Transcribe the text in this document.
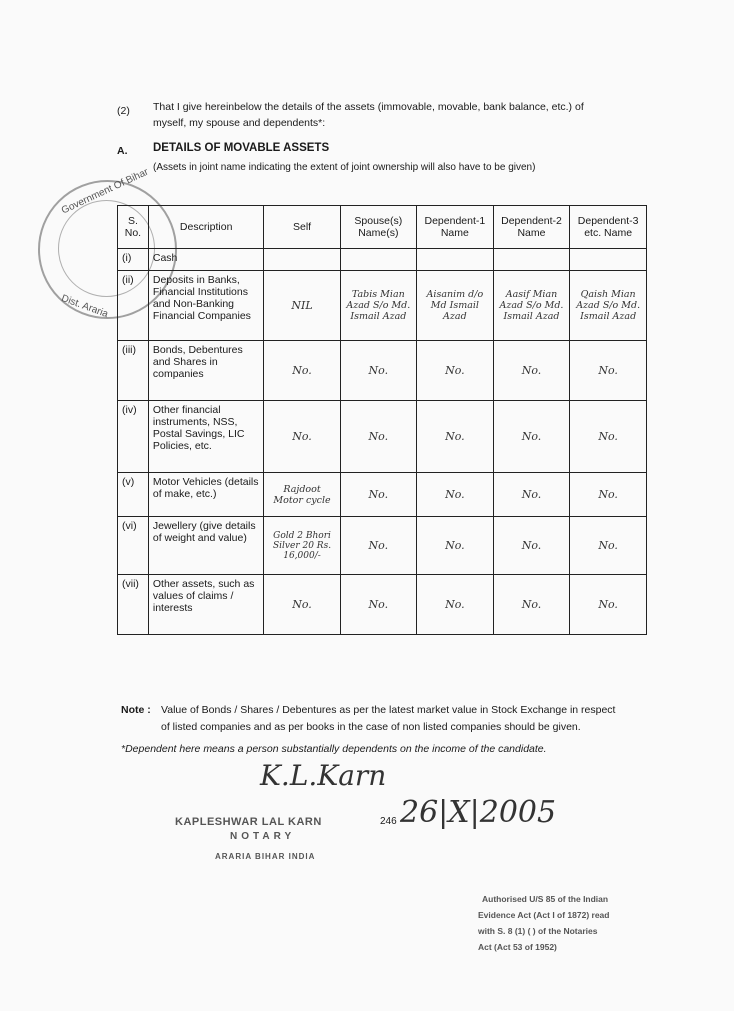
(2) That I give hereinbelow the details of the assets (immovable, movable, bank balance, etc.) of
myself, my spouse and dependents*:
A. DETAILS OF MOVABLE ASSETS
(Assets in joint name indicating the extent of joint ownership will also have to be given)
Government Of Bihar
Dist. Araria
S. No.	Description	Self	Spouse(s) Name(s)	Dependent-1 Name	Dependent-2 Name	Dependent-3 etc. Name
(i)	Cash					
(ii)	Deposits in Banks, Financial Institutions and Non-Banking Financial Companies	NIL	Tabis Mian Azad S/o Md. Ismail Azad	Aisanim d/o Md Ismail Azad	Aasif Mian Azad S/o Md. Ismail Azad	Qaish Mian Azad S/o Md. Ismail Azad
(iii)	Bonds, Debentures and Shares in companies	No.	No.	No.	No.	No.
(iv)	Other financial instruments, NSS, Postal Savings, LIC Policies, etc.	No.	No.	No.	No.	No.
(v)	Motor Vehicles (details of make, etc.)	Rajdoot Motor cycle	No.	No.	No.	No.
(vi)	Jewellery (give details of weight and value)	Gold 2 Bhori Silver 20 Rs. 16,000/-	No.	No.	No.	No.
(vii)	Other assets, such as values of claims / interests	No.	No.	No.	No.	No.
Note : Value of Bonds / Shares / Debentures as per the latest market value in Stock Exchange in respect
of listed companies and as per books in the case of non listed companies should be given.
*Dependent here means a person substantially dependents on the income of the candidate.
K.L.Karn
26|X|2005
KAPLESHWAR LAL KARN	246
NOTARY
ARARIA BIHAR INDIA
Authorised U/S 85 of the Indian
Evidence Act (Act I of 1872) read
with S. 8 (1) ( ) of the Notaries
Act (Act 53 of 1952)
